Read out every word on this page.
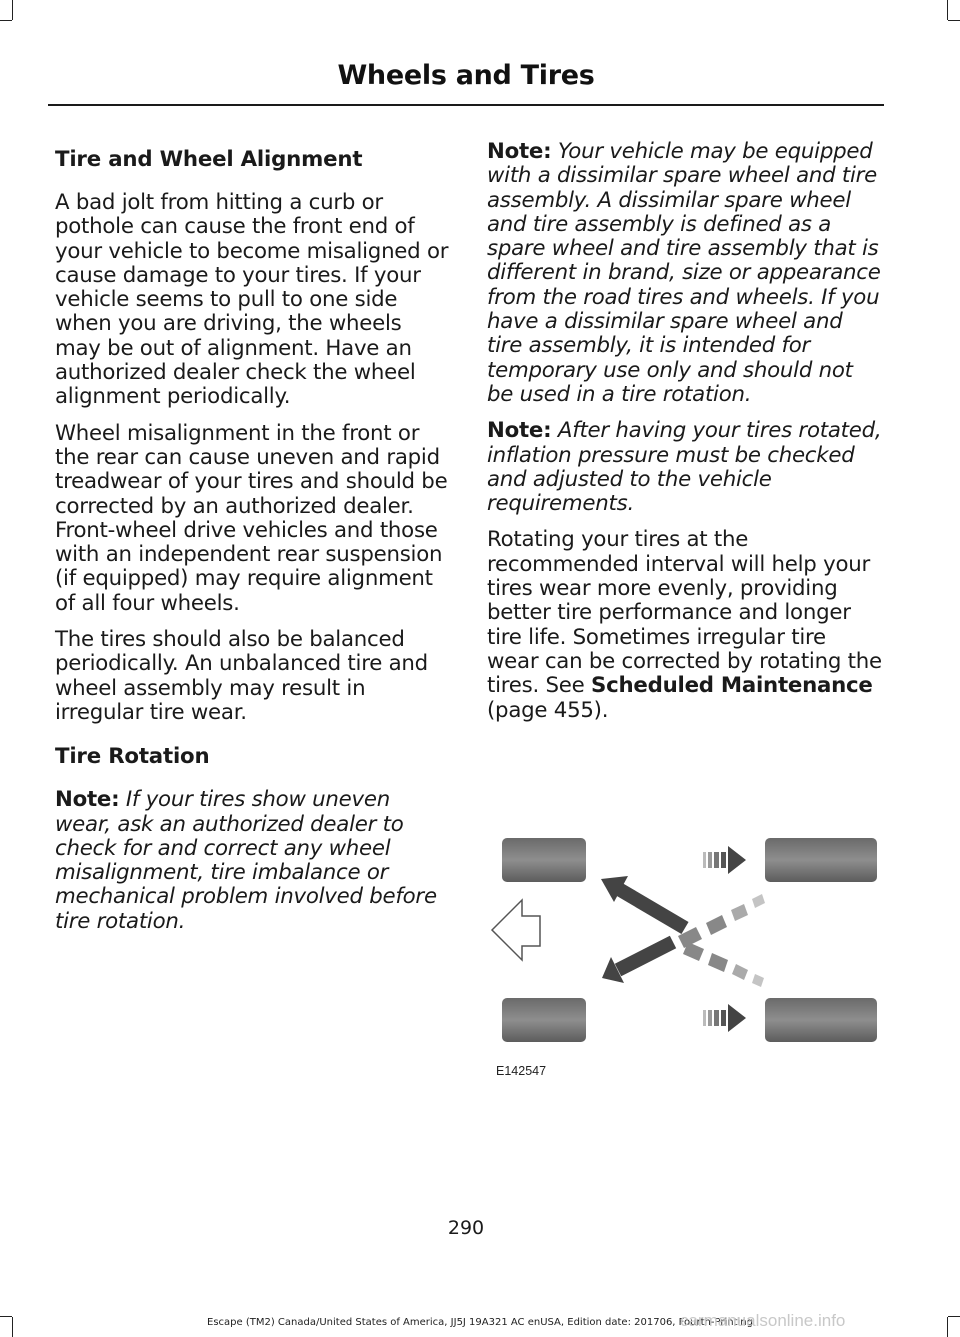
Wheels and Tires
Tire and Wheel Alignment

A bad jolt from hitting a curb or pothole can cause the front end of your vehicle to become misaligned or cause damage to your tires. If your vehicle seems to pull to one side when you are driving, the wheels may be out of alignment. Have an authorized dealer check the wheel alignment periodically.

Wheel misalignment in the front or the rear can cause uneven and rapid treadwear of your tires and should be corrected by an authorized dealer. Front-wheel drive vehicles and those with an independent rear suspension (if equipped) may require alignment of all four wheels.

The tires should also be balanced periodically. An unbalanced tire and wheel assembly may result in irregular tire wear.

Tire Rotation

Note: If your tires show uneven wear, ask an authorized dealer to check for and correct any wheel misalignment, tire imbalance or mechanical problem involved before tire rotation.

Note: Your vehicle may be equipped with a dissimilar spare wheel and tire assembly. A dissimilar spare wheel and tire assembly is defined as a spare wheel and tire assembly that is different in brand, size or appearance from the road tires and wheels. If you have a dissimilar spare wheel and tire assembly, it is intended for temporary use only and should not be used in a tire rotation.

Note: After having your tires rotated, inflation pressure must be checked and adjusted to the vehicle requirements.

Rotating your tires at the recommended interval will help your tires wear more evenly, providing better tire performance and longer tire life. Sometimes irregular tire wear can be corrected by rotating the tires. See Scheduled Maintenance (page 455).

E142547
290
Escape (TM2) Canada/United States of America, JJ5J 19A321 AC enUSA, Edition date: 201706, Fourth-Printing
carmanualsonline.info
